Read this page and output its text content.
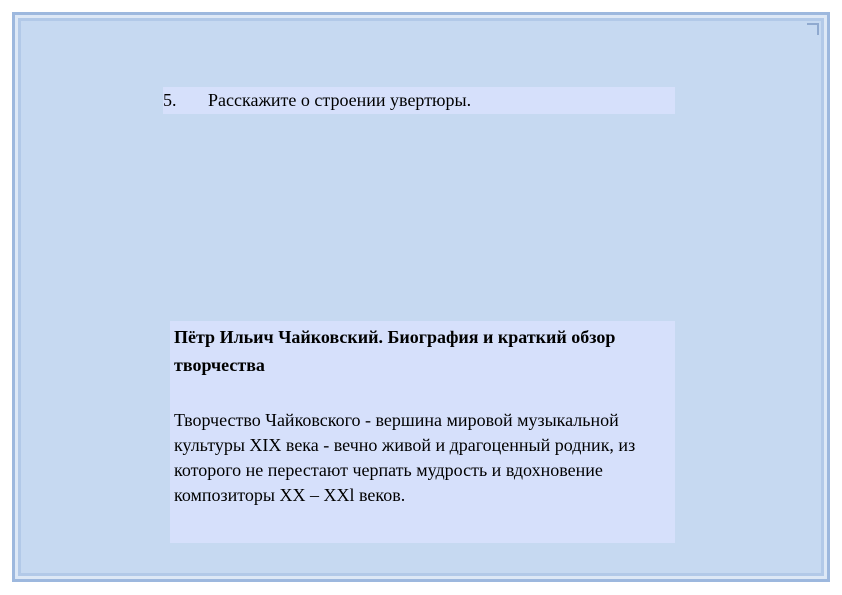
5. Расскажите о строении увертюры.

Пётр Ильич Чайковский. Биография и краткий обзор творчества

Творчество Чайковского - вершина мировой музыкальной культуры XIX века - вечно живой и драгоценный родник, из которого не перестают черпать мудрость и вдохновение композиторы XX – XXl веков.
